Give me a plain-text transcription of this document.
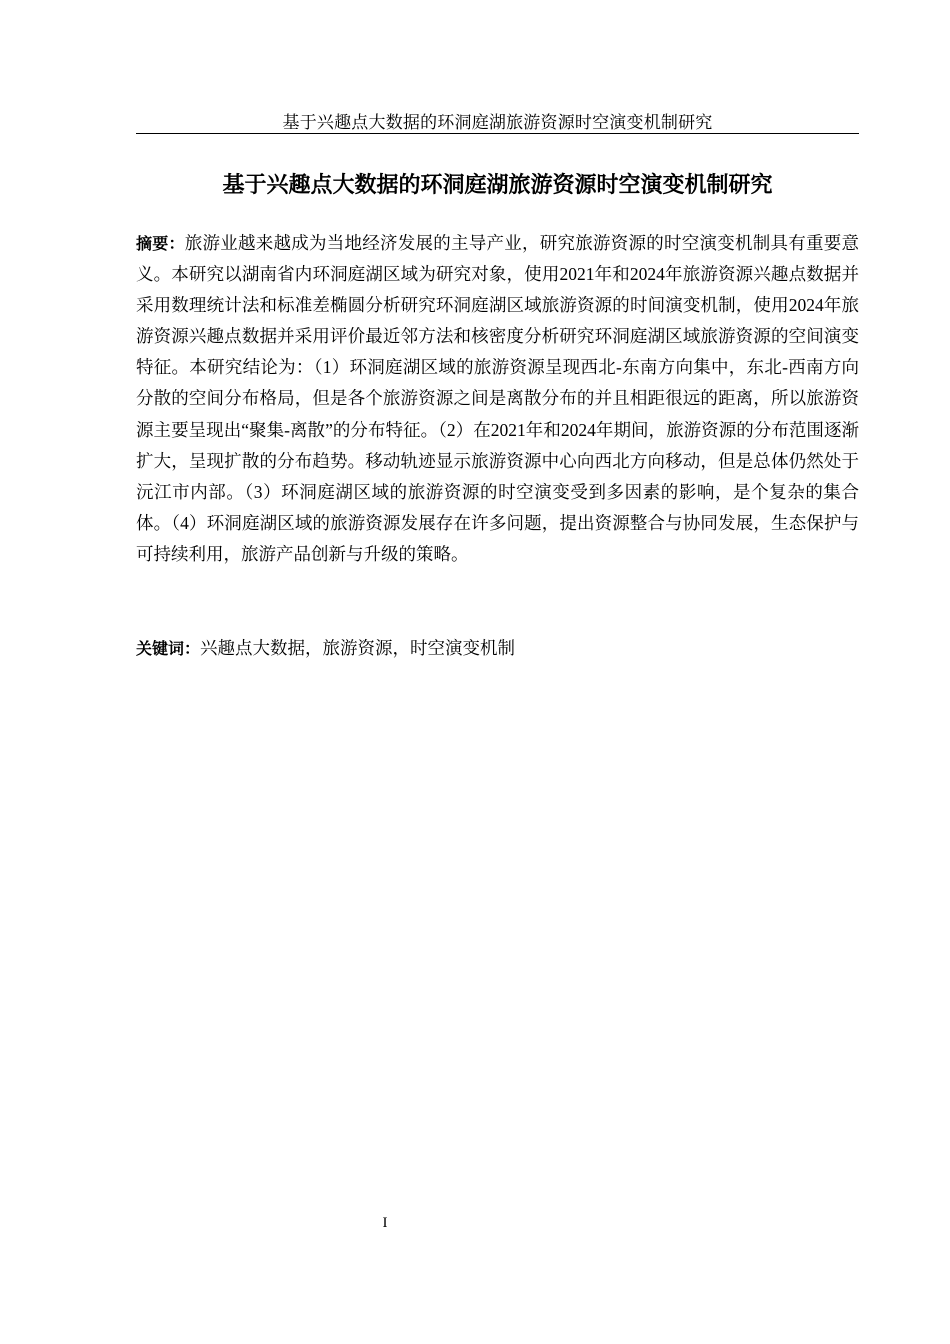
基于兴趣点大数据的环洞庭湖旅游资源时空演变机制研究
基于兴趣点大数据的环洞庭湖旅游资源时空演变机制研究

摘要：旅游业越来越成为当地经济发展的主导产业，研究旅游资源的时空演变机制具有重要意义。本研究以湖南省内环洞庭湖区域为研究对象，使用2021年和2024年旅游资源兴趣点数据并采用数理统计法和标准差椭圆分析研究环洞庭湖区域旅游资源的时间演变机制，使用2024年旅游资源兴趣点数据并采用评价最近邻方法和核密度分析研究环洞庭湖区域旅游资源的空间演变特征。本研究结论为：（1）环洞庭湖区域的旅游资源呈现西北-东南方向集中，东北-西南方向分散的空间分布格局，但是各个旅游资源之间是离散分布的并且相距很远的距离，所以旅游资源主要呈现出“聚集-离散”的分布特征。（2）在2021年和2024年期间，旅游资源的分布范围逐渐扩大，呈现扩散的分布趋势。移动轨迹显示旅游资源中心向西北方向移动，但是总体仍然处于沅江市内部。（3）环洞庭湖区域的旅游资源的时空演变受到多因素的影响，是个复杂的集合体。（4）环洞庭湖区域的旅游资源发展存在许多问题，提出资源整合与协同发展，生态保护与可持续利用，旅游产品创新与升级的策略。

关键词：兴趣点大数据，旅游资源，时空演变机制

I
